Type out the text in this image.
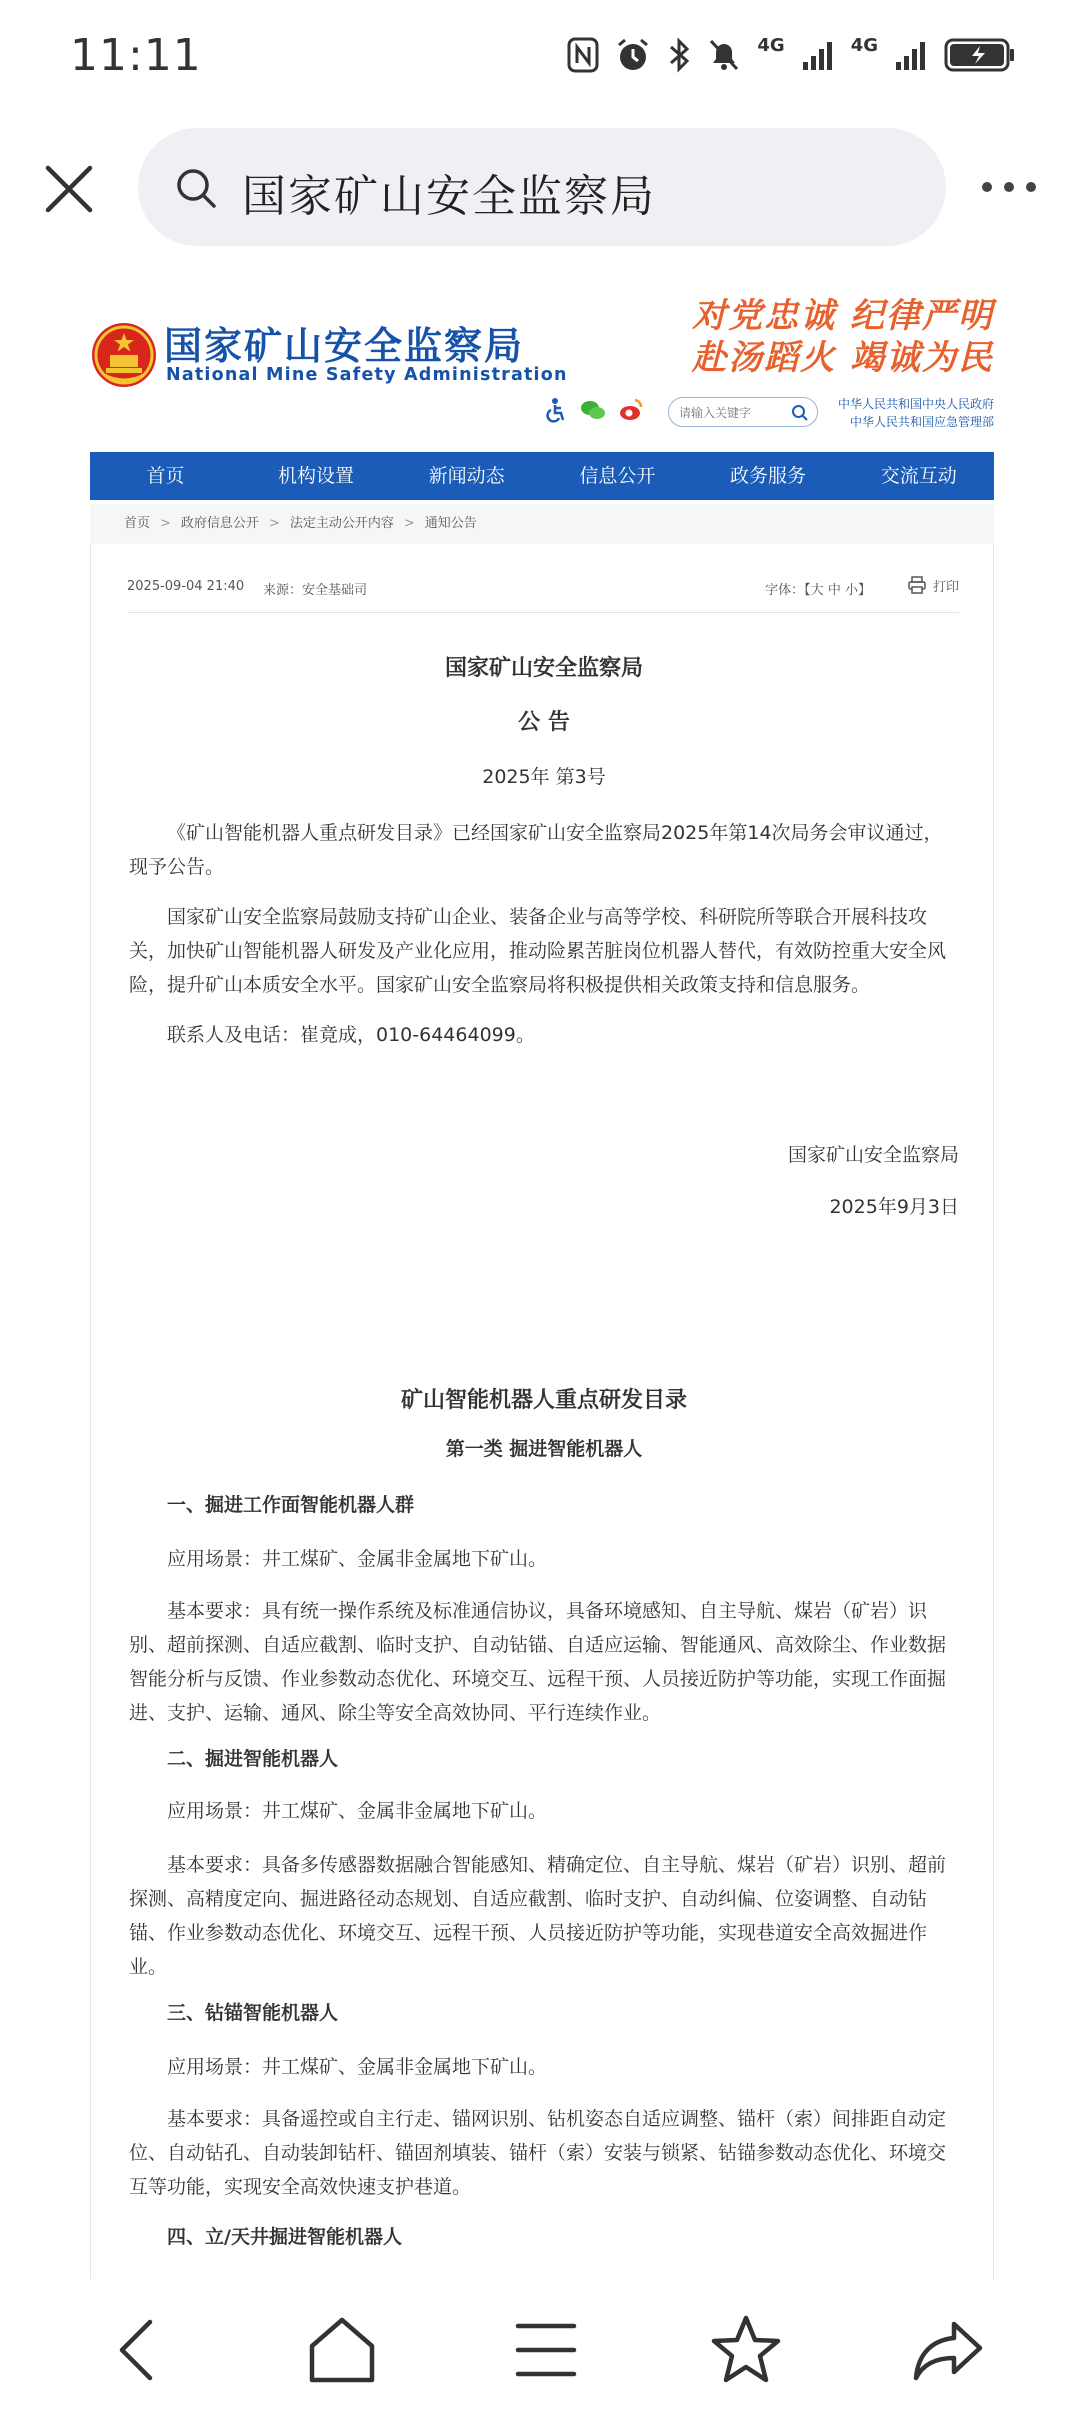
11:11	4G	4G
国家矿山安全监察局
国家矿山安全监察局
National Mine Safety Administration
对党忠诚 纪律严明
赴汤蹈火 竭诚为民
请输入关键字
中华人民共和国中央人民政府
中华人民共和国应急管理部
首页	机构设置	新闻动态	信息公开	政务服务	交流互动
首页 > 政府信息公开 > 法定主动公开内容 > 通知公告
2025-09-04 21:40 来源：安全基础司	字体：【大 中 小】	打印
国家矿山安全监察局
公 告
2025年 第3号
《矿山智能机器人重点研发目录》已经国家矿山安全监察局2025年第14次局务会审议通过，现予公告。
国家矿山安全监察局鼓励支持矿山企业、装备企业与高等学校、科研院所等联合开展科技攻关，加快矿山智能机器人研发及产业化应用，推动险累苦脏岗位机器人替代，有效防控重大安全风险，提升矿山本质安全水平。国家矿山安全监察局将积极提供相关政策支持和信息服务。
联系人及电话：崔竟成，010-64464099。
国家矿山安全监察局
2025年9月3日
矿山智能机器人重点研发目录
第一类 掘进智能机器人
一、掘进工作面智能机器人群
应用场景：井工煤矿、金属非金属地下矿山。
基本要求：具有统一操作系统及标准通信协议，具备环境感知、自主导航、煤岩（矿岩）识别、超前探测、自适应截割、临时支护、自动钻锚、自适应运输、智能通风、高效除尘、作业数据智能分析与反馈、作业参数动态优化、环境交互、远程干预、人员接近防护等功能，实现工作面掘进、支护、运输、通风、除尘等安全高效协同、平行连续作业。
二、掘进智能机器人
应用场景：井工煤矿、金属非金属地下矿山。
基本要求：具备多传感器数据融合智能感知、精确定位、自主导航、煤岩（矿岩）识别、超前探测、高精度定向、掘进路径动态规划、自适应截割、临时支护、自动纠偏、位姿调整、自动钻锚、作业参数动态优化、环境交互、远程干预、人员接近防护等功能，实现巷道安全高效掘进作业。
三、钻锚智能机器人
应用场景：井工煤矿、金属非金属地下矿山。
基本要求：具备遥控或自主行走、锚网识别、钻机姿态自适应调整、锚杆（索）间排距自动定位、自动钻孔、自动装卸钻杆、锚固剂填装、锚杆（索）安装与锁紧、钻锚参数动态优化、环境交互等功能，实现安全高效快速支护巷道。
四、立/天井掘进智能机器人
